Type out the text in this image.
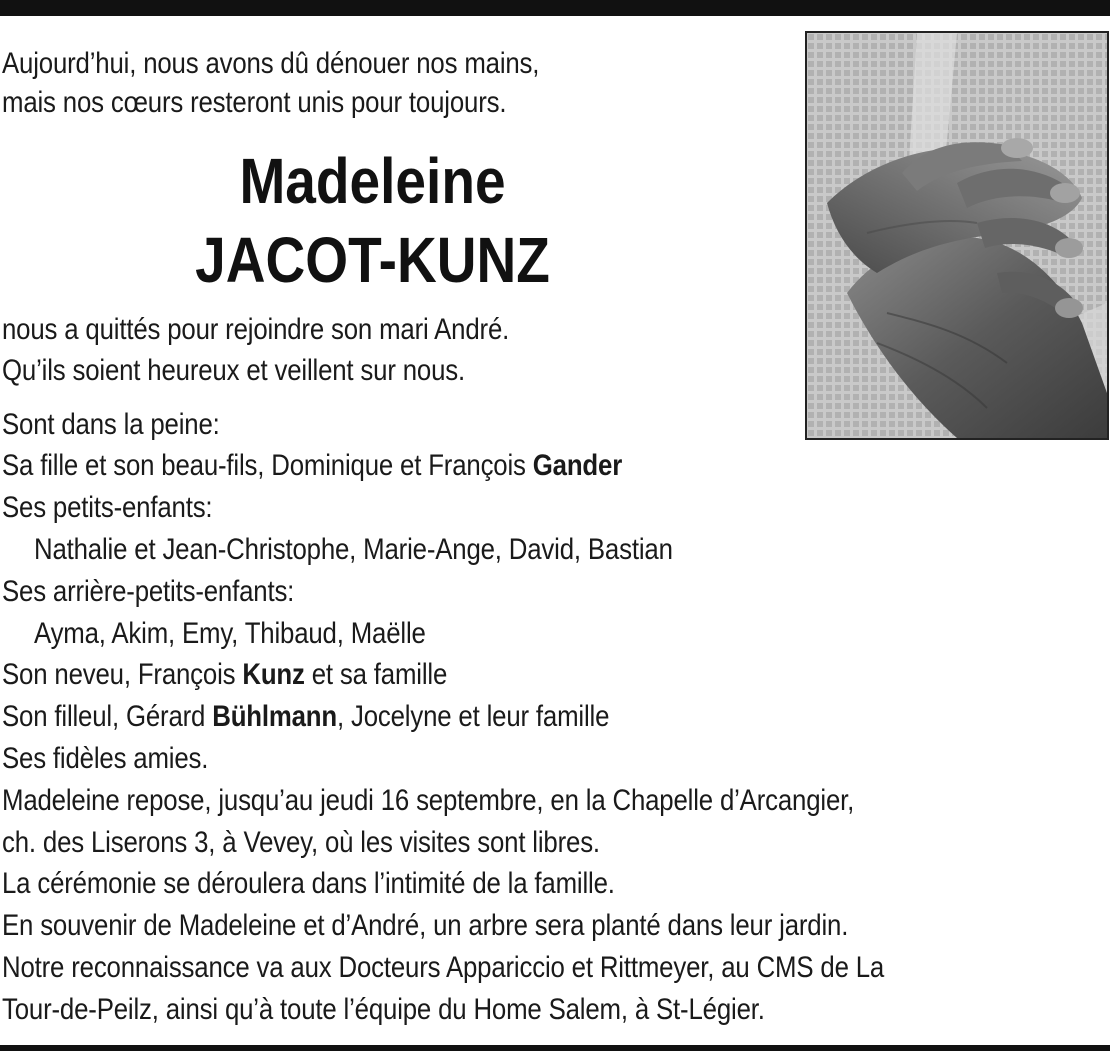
Aujourd’hui, nous avons dû dénouer nos mains,
mais nos cœurs resteront unis pour toujours.
Madeleine
JACOT-KUNZ
nous a quittés pour rejoindre son mari André.
Qu’ils soient heureux et veillent sur nous.
Sont dans la peine:
Sa fille et son beau-fils, Dominique et François Gander
Ses petits-enfants:
Nathalie et Jean-Christophe, Marie-Ange, David, Bastian
Ses arrière-petits-enfants:
Ayma, Akim, Emy, Thibaud, Maëlle
Son neveu, François Kunz et sa famille
Son filleul, Gérard Bühlmann, Jocelyne et leur famille
Ses fidèles amies.
Madeleine repose, jusqu’au jeudi 16 septembre, en la Chapelle d’Arcangier,
ch. des Liserons 3, à Vevey, où les visites sont libres.
La cérémonie se déroulera dans l’intimité de la famille.
En souvenir de Madeleine et d’André, un arbre sera planté dans leur jardin.
Notre reconnaissance va aux Docteurs Appariccio et Rittmeyer, au CMS de La
Tour-de-Peilz, ainsi qu’à toute l’équipe du Home Salem, à St-Légier.
